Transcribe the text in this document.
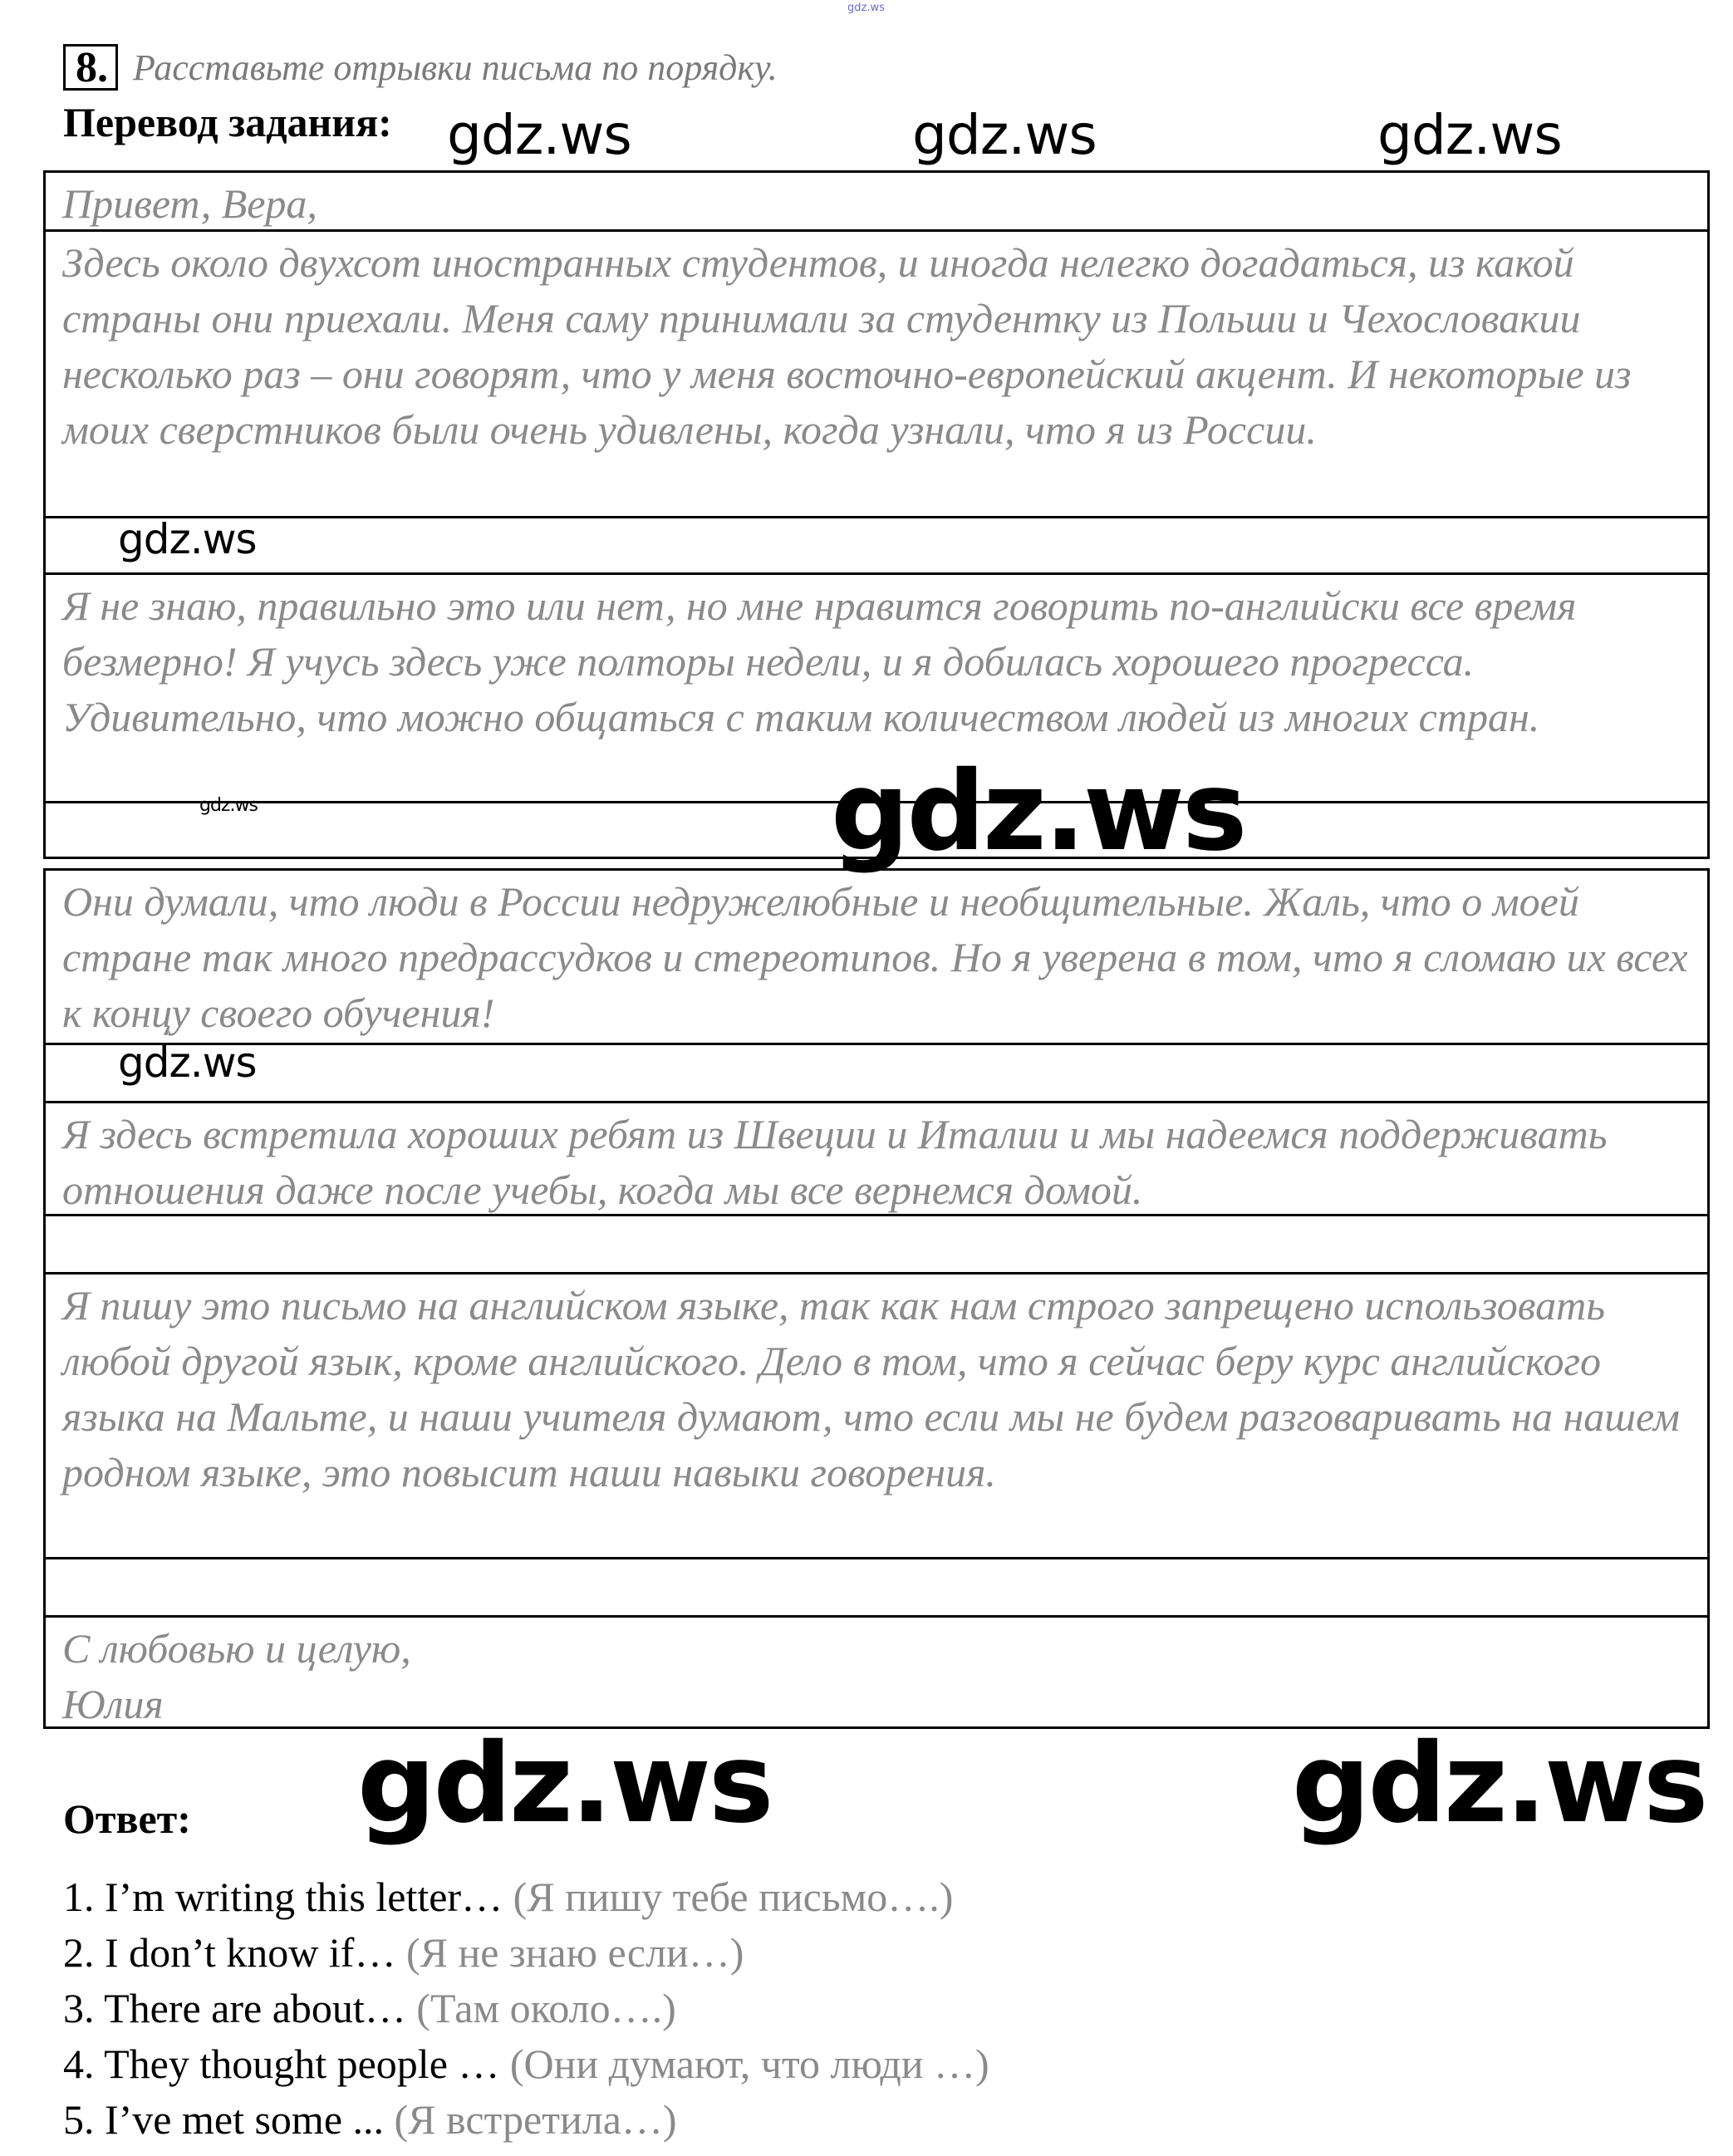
gdz.ws
8. Расставьте отрывки письма по порядку.
Перевод задания: gdz.ws	gdz.ws	gdz.ws
Привет, Вера,
Здесь около двухсот иностранных студентов, и иногда нелегко догадаться, из какой страны они приехали. Меня саму принимали за студентку из Польши и Чехословакии несколько раз – они говорят, что у меня восточно-европейский акцент. И некоторые из моих сверстников были очень удивлены, когда узнали, что я из России.
Я не знаю, правильно это или нет, но мне нравится говорить по-английски все время безмерно! Я учусь здесь уже полторы недели, и я добилась хорошего прогресса. Удивительно, что можно общаться с таким количеством людей из многих стран.
gdz.ws
gdz.ws	gdz.ws
Они думали, что люди в России недружелюбные и необщительные. Жаль, что о моей стране так много предрассудков и стереотипов. Но я уверена в том, что я сломаю их всех к концу своего обучения!
Я здесь встретила хороших ребят из Швеции и Италии и мы надеемся поддерживать отношения даже после учебы, когда мы все вернемся домой.
Я пишу это письмо на английском языке, так как нам строго запрещено использовать любой другой язык, кроме английского. Дело в том, что я сейчас беру курс английского языка на Мальте, и наши учителя думают, что если мы не будем разговаривать на нашем родном языке, это повысит наши навыки говорения.
С любовью и целую,
Юлия
gdz.ws
gdz.ws	gdz.ws
Ответ:
1. I’m writing this letter… (Я пишу тебе письмо….)
2. I don’t know if… (Я не знаю если…)
3. There are about… (Там около….)
4. They thought people … (Они думают, что люди …)
5. I’ve met some ... (Я встретила…)
